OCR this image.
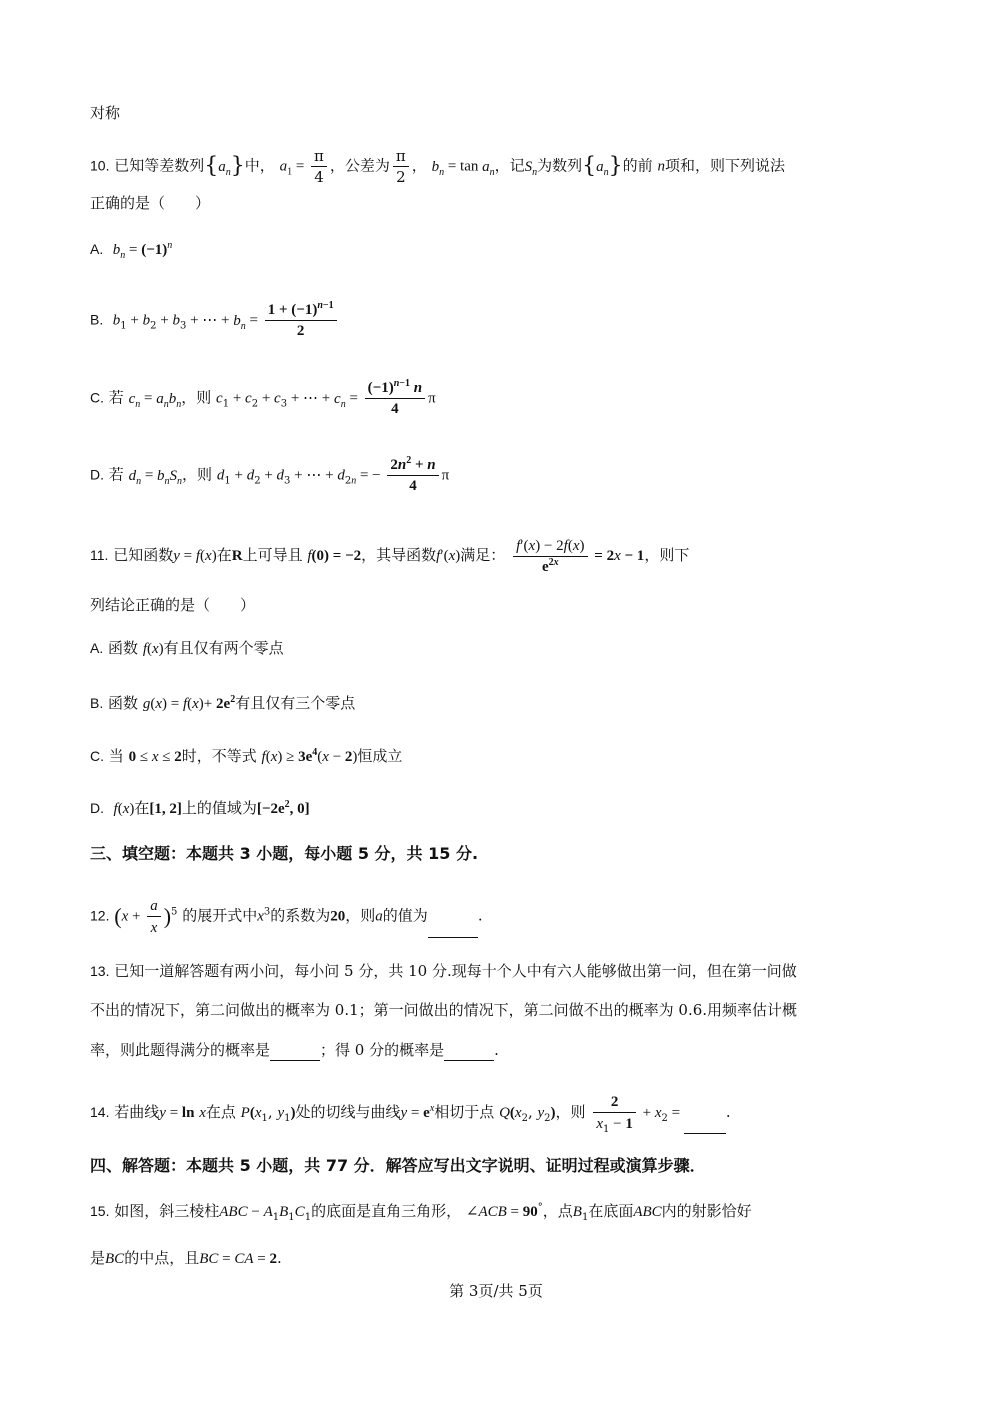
对称
10. 已知等差数列$\{a_n\}$中， $a_1 = \frac{\pi}{4}$ ，公差为 $\frac{\pi}{2}$ ， $b_n = \tan a_n$，记$S_n$为数列$\{a_n\}$的前 n项和，则下列说法
正确的是（　　）
A. $b_n = (-1)^n$
B. $b_1 + b_2 + b_3$ + ⋯ + $b_n = \frac{1 + (-1)^{n-1}}{2}$
C. 若 $c_n = a_nb_n$，则 $c_1 + c_2 + c_3$ + ⋯ + $c_n = \frac{(-1)^{n-1} n}{4}$ π
D. 若 $d_n = b_nS_n$，则 $d_1 + d_2 + d_3$ + ⋯ + $d_{2n}$ = − $\frac{2n^2 + n}{4}$ π
11. 已知函数y = f(x)在R上可导且 f(0) = −2，其导函数f′(x)满足： $\frac{f'(x) - 2f(x)}{e^{2x}} = 2x - 1$，则下
列结论正确的是（　　）
A. 函数 f(x)有且仅有两个零点
B. 函数 $g(x) = f(x)+ 2e^2$有且仅有三个零点
C. 当 0 ≤ x ≤ 2时，不等式 $f(x) \ge 3e^4(x - 2)$恒成立
D. f(x)在[1, 2]上的值域为[$-2e^2$, 0]
三、填空题：本题共 3 小题，每小题 5 分，共 15 分.
12. $(x + \frac{a}{x} )^5$ 的展开式中$x^3$的系数为20，则a的值为	.
13. 已知一道解答题有两小问，每小问 5 分，共 10 分.现每十个人中有六人能够做出第一问，但在第一问做
不出的情况下，第二问做出的概率为 0.1；第一问做出的情况下，第二问做不出的概率为 0.6.用频率估计概
率，则此题得满分的概率是	；得 0 分的概率是	.
14. 若曲线y = ln x在点 $P(x_1$, $y_1$)处的切线与曲线$y = e^x$相切于点 $Q(x_2$, $y_2$)，则 $\frac{2}{x_1 - 1} + x_2$ =	.
四、解答题：本题共 5 小题，共 77 分．解答应写出文字说明、证明过程或演算步骤．
15. 如图，斜三棱柱ABC − $A_1B_1C_1$的底面是直角三角形， ∠ACB = 90°，点$B_1$在底面ABC内的射影恰好
是BC的中点，且BC = CA = 2.
第 3页/共 5页
